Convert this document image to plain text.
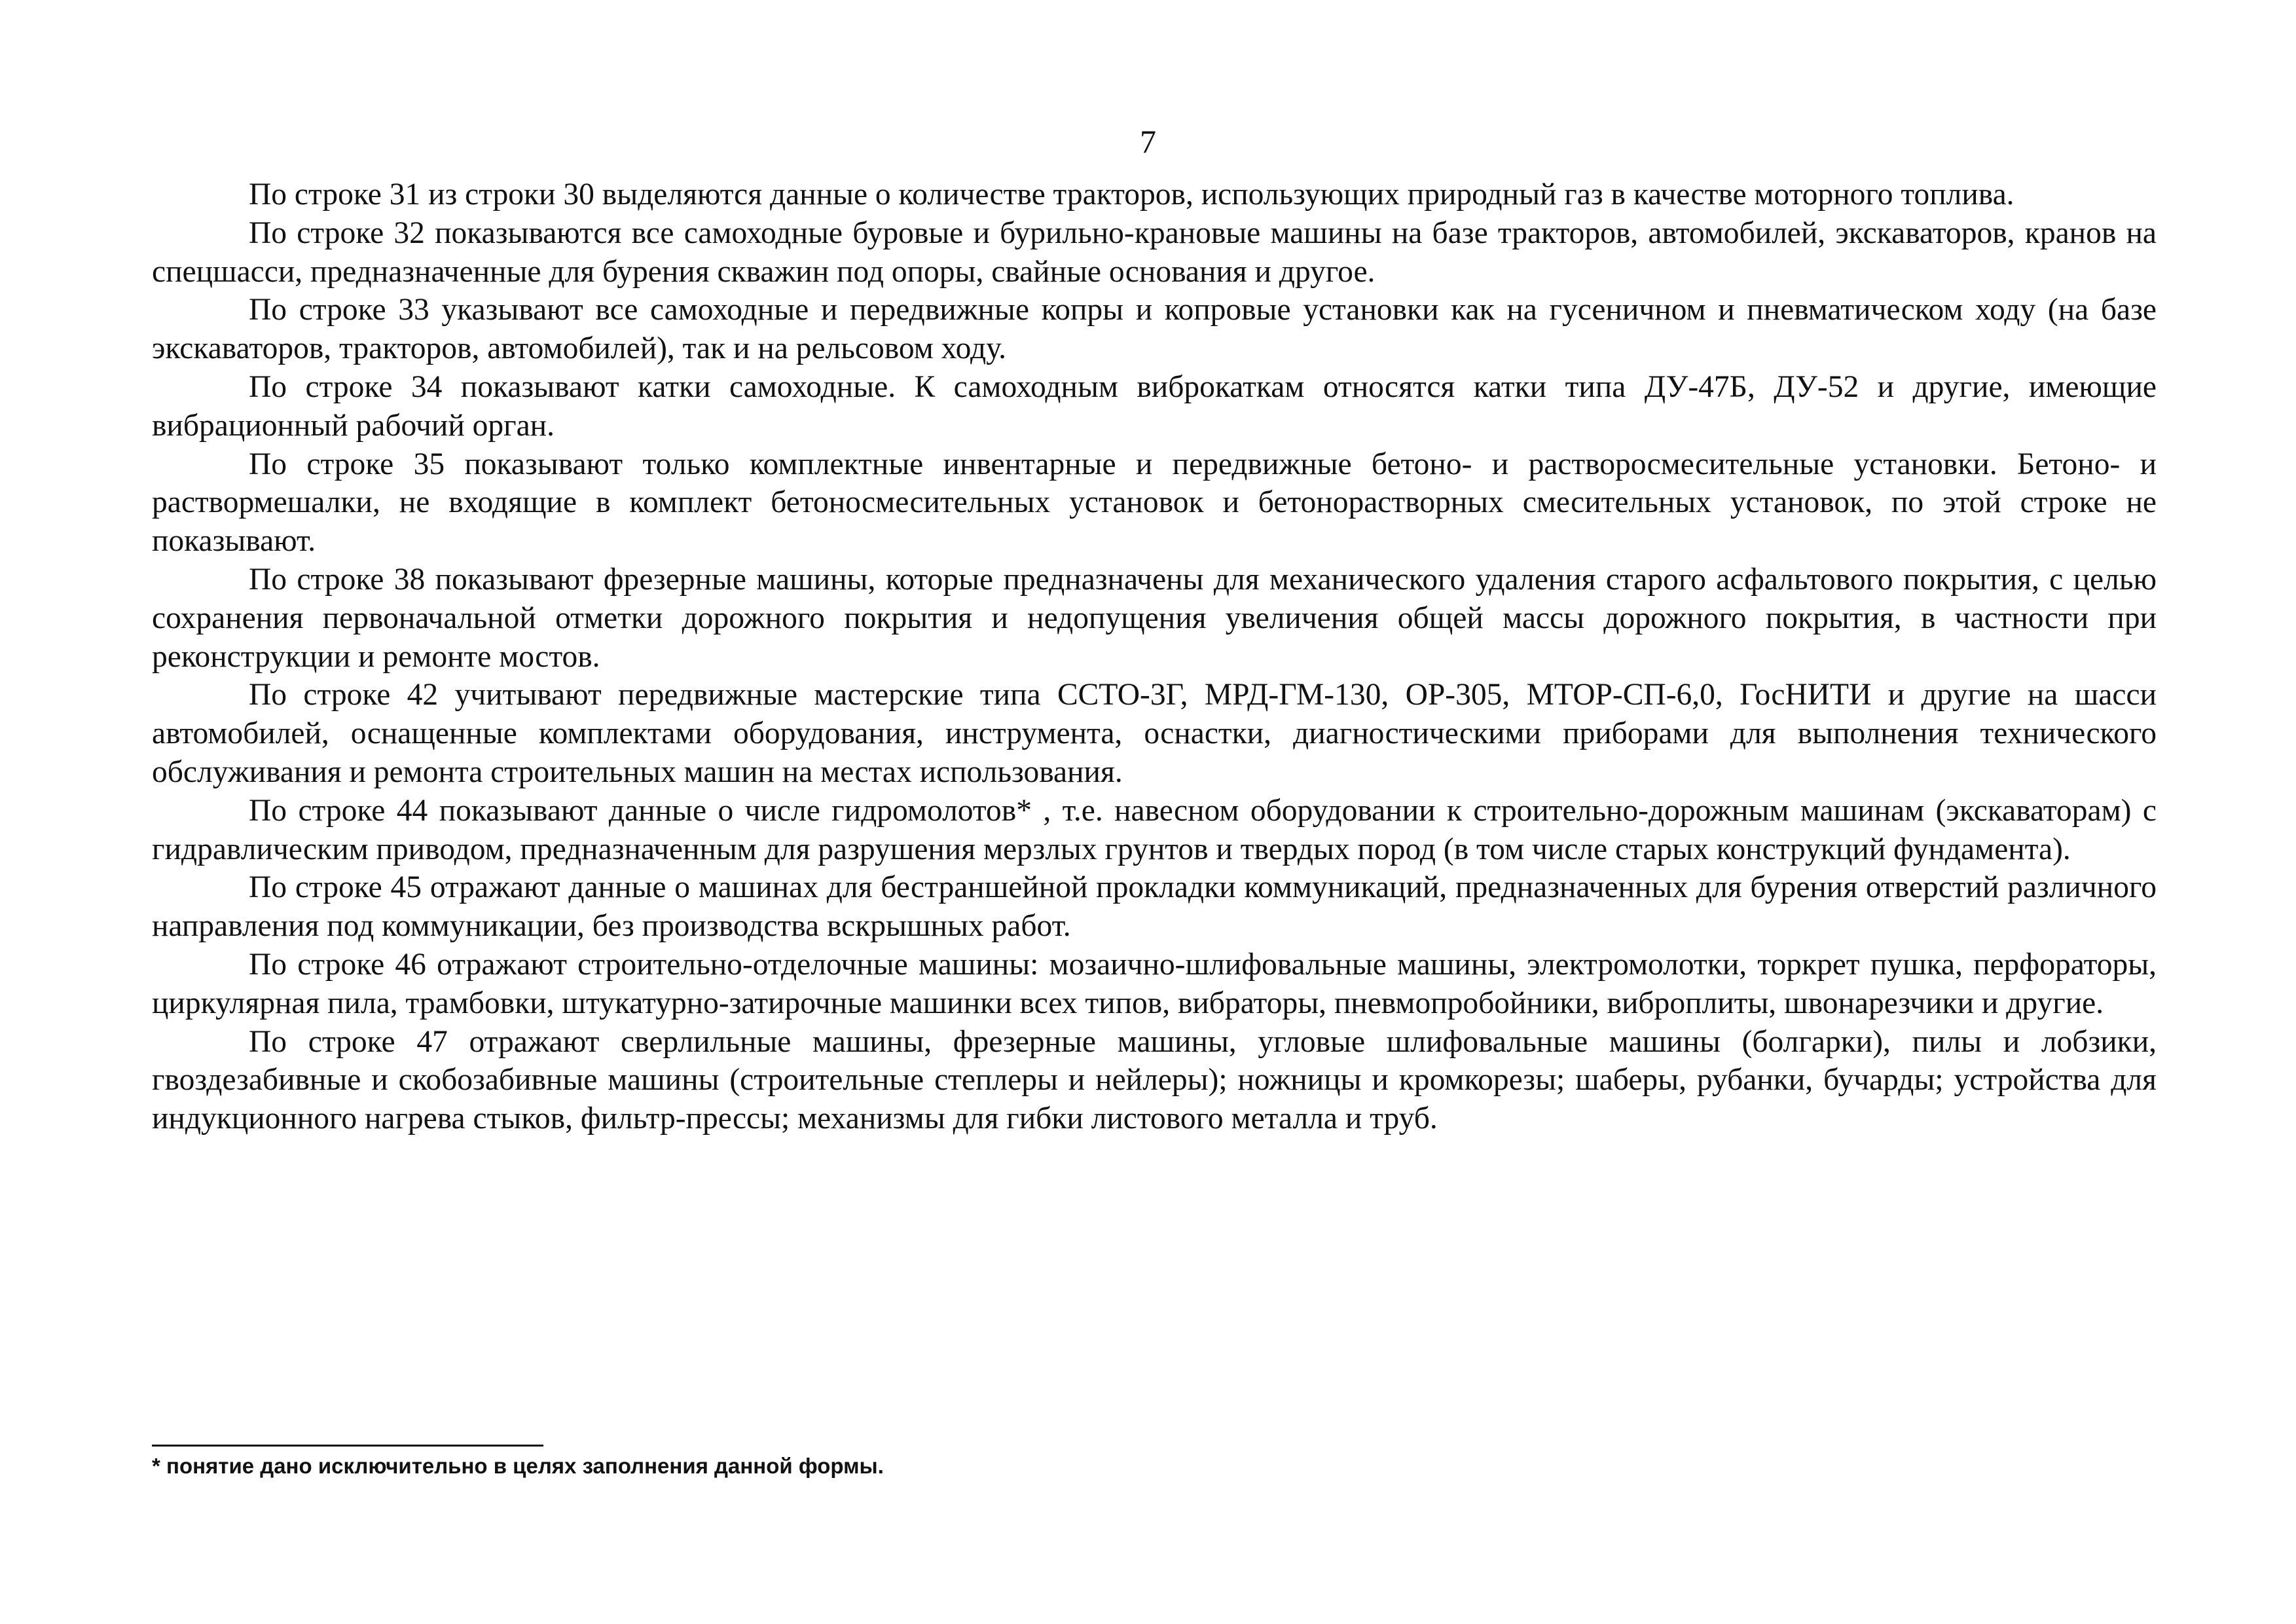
7

По строке 31 из строки 30 выделяются данные о количестве тракторов, использующих природный газ в качестве моторного топлива.

По строке 32 показываются все самоходные буровые и бурильно-крановые машины на базе тракторов, автомобилей, экскаваторов, кранов на спецшасси, предназначенные для бурения скважин под опоры, свайные основания и другое.

По строке 33 указывают все самоходные и передвижные копры и копровые установки как на гусеничном и пневматическом ходу (на базе экскаваторов, тракторов, автомобилей), так и на рельсовом ходу.

По строке 34 показывают катки самоходные. К самоходным виброкаткам относятся катки типа ДУ-47Б, ДУ-52 и другие, имеющие вибрационный рабочий орган.

По строке 35 показывают только комплектные инвентарные и передвижные бетоно- и растворосмесительные установки. Бетоно- и раствормешалки, не входящие в комплект бетоносмесительных установок и бетонорастворных смесительных установок, по этой строке не показывают.

По строке 38 показывают фрезерные машины, которые предназначены для механического удаления старого асфальтового покрытия, с целью сохранения первоначальной отметки дорожного покрытия и недопущения увеличения общей массы дорожного покрытия, в частности при реконструкции и ремонте мостов.

По строке 42 учитывают передвижные мастерские типа ССТО-3Г, МРД-ГМ-130, ОР-305, МТОР-СП-6,0, ГосНИТИ и другие на шасси автомобилей, оснащенные комплектами оборудования, инструмента, оснастки, диагностическими приборами для выполнения технического обслуживания и ремонта строительных машин на местах использования.

По строке 44 показывают данные о числе гидромолотов* , т.е. навесном оборудовании к строительно-дорожным машинам (экскаваторам) с гидравлическим приводом, предназначенным для разрушения мерзлых грунтов и твердых пород (в том числе старых конструкций фундамента).

По строке 45 отражают данные о машинах для бестраншейной прокладки коммуникаций, предназначенных для бурения отверстий различного направления под коммуникации, без производства вскрышных работ.

По строке 46 отражают строительно-отделочные машины: мозаично-шлифовальные машины, электромолотки, торкрет пушка, перфораторы, циркулярная пила, трамбовки, штукатурно-затирочные машинки всех типов, вибраторы, пневмопробойники, виброплиты, швонарезчики и другие.

По строке 47 отражают сверлильные машины, фрезерные машины, угловые шлифовальные машины (болгарки), пилы и лобзики, гвоздезабивные и скобозабивные машины (строительные степлеры и нейлеры); ножницы и кромкорезы; шаберы, рубанки, бучарды; устройства для индукционного нагрева стыков, фильтр-прессы; механизмы для гибки листового металла и труб.

* понятие дано исключительно в целях заполнения данной формы.
